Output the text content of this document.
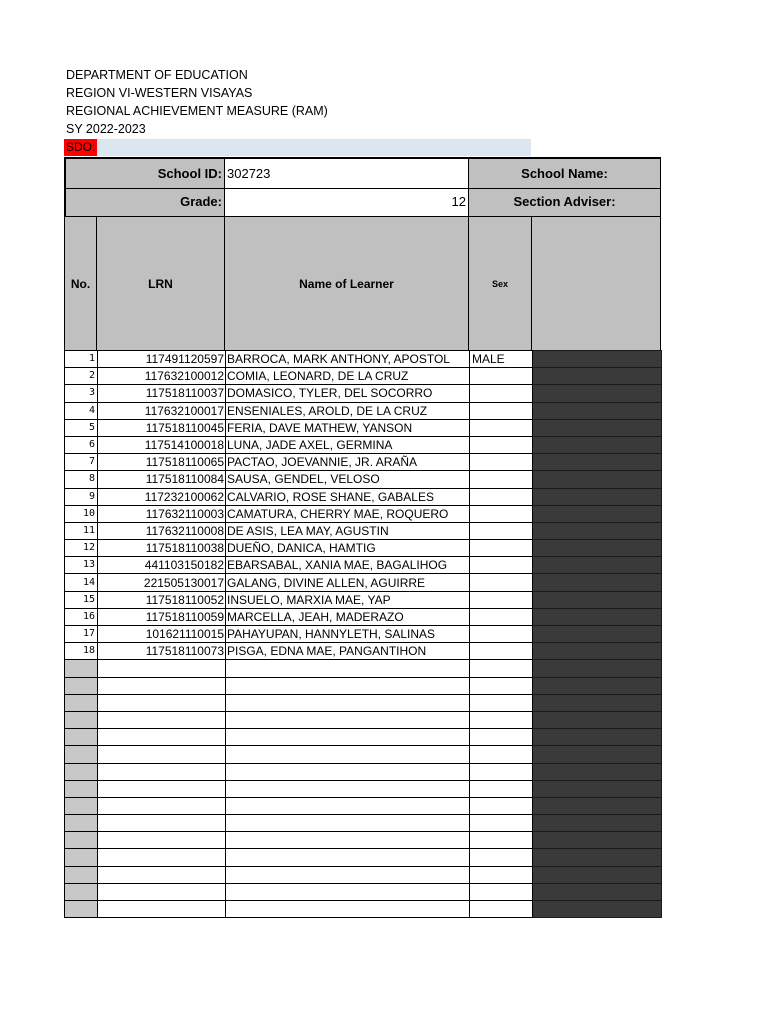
DEPARTMENT OF EDUCATION
REGION VI-WESTERN VISAYAS
REGIONAL ACHIEVEMENT MEASURE (RAM)
SY 2022-2023
SDO:
School ID: 302723	School Name:
Grade:	12	Section Adviser:
No.	LRN	Name of Learner	Sex
1	117491120597	BARROCA, MARK ANTHONY, APOSTOL	MALE	
2	117632100012	COMIA, LEONARD, DE LA CRUZ		
3	117518110037	DOMASICO, TYLER, DEL SOCORRO		
4	117632100017	ENSENIALES, AROLD, DE LA CRUZ		
5	117518110045	FERIA, DAVE MATHEW, YANSON		
6	117514100018	LUNA, JADE AXEL, GERMINA		
7	117518110065	PACTAO, JOEVANNIE, JR. ARAÑA		
8	117518110084	SAUSA, GENDEL, VELOSO		
9	117232100062	CALVARIO, ROSE SHANE, GABALES		
10	117632110003	CAMATURA, CHERRY MAE, ROQUERO		
11	117632110008	DE ASIS, LEA MAY, AGUSTIN		
12	117518110038	DUEÑO, DANICA, HAMTIG		
13	441103150182	EBARSABAL, XANIA MAE, BAGALIHOG		
14	221505130017	GALANG, DIVINE ALLEN, AGUIRRE		
15	117518110052	INSUELO, MARXIA MAE, YAP		
16	117518110059	MARCELLA, JEAH, MADERAZO		
17	101621110015	PAHAYUPAN, HANNYLETH, SALINAS		
18	117518110073	PISGA, EDNA MAE, PANGANTIHON		
